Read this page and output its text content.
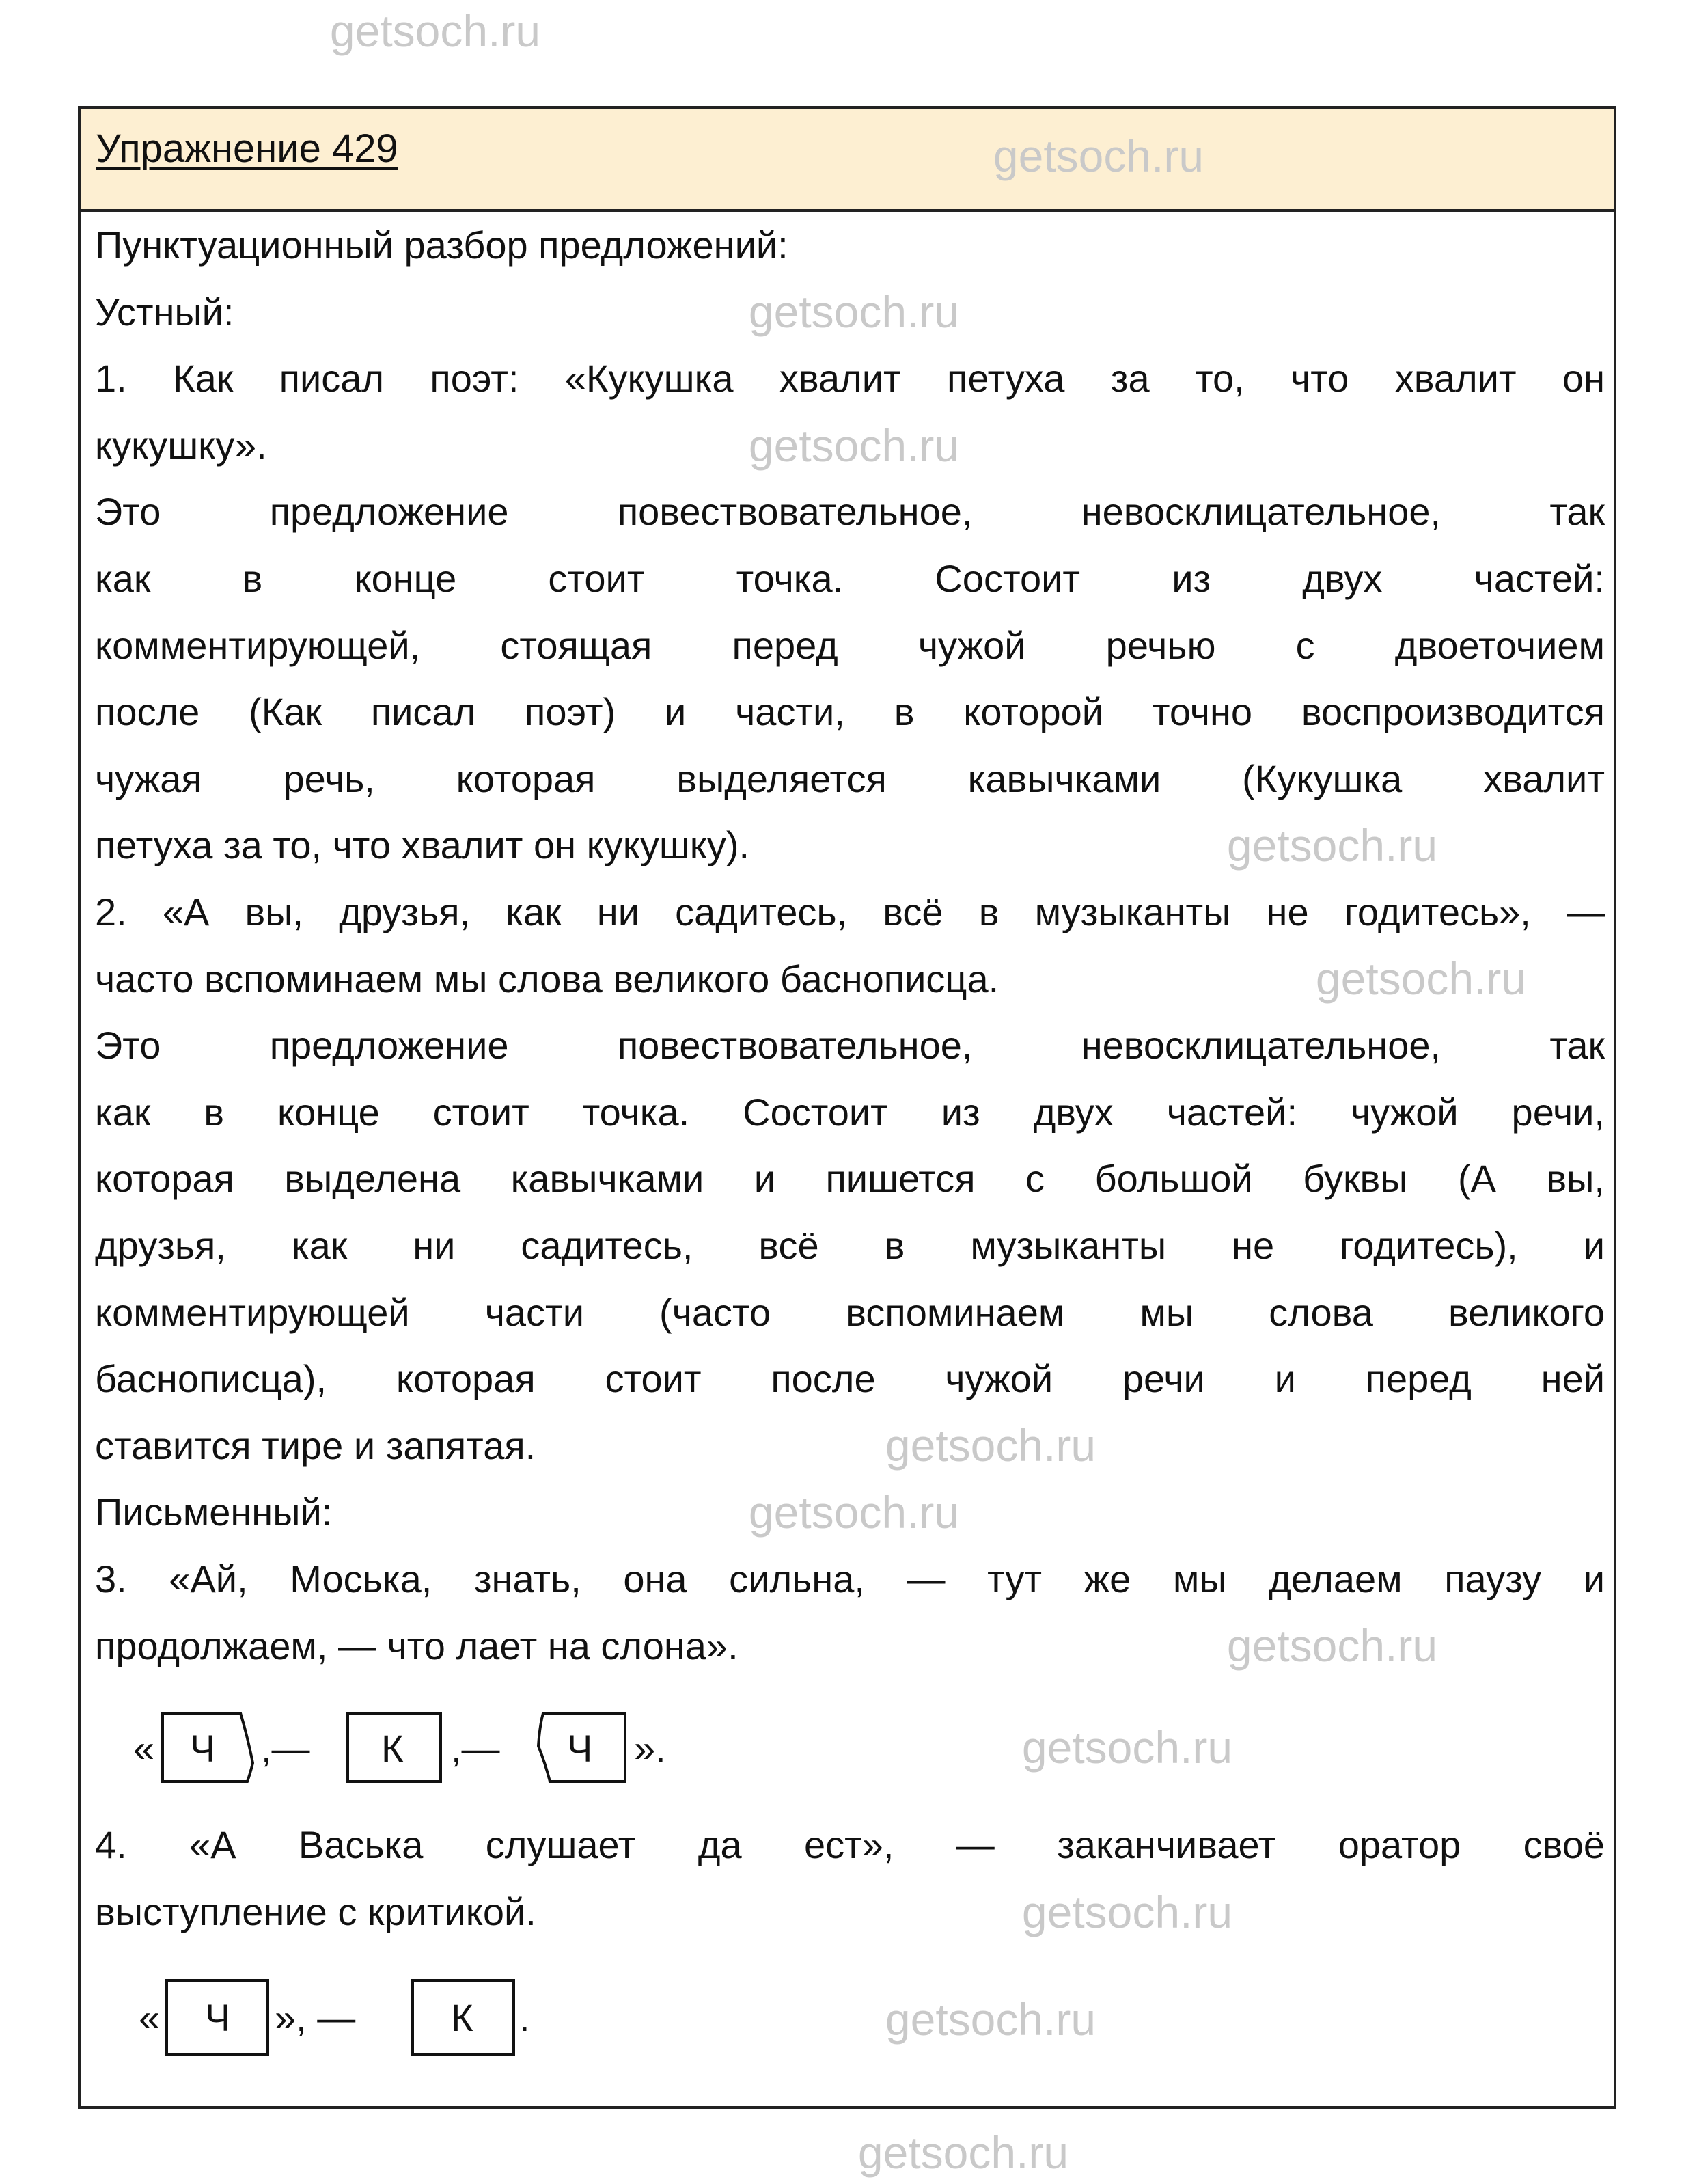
Упражнение 429
Пунктуационный разбор предложений:
Устный:
1. Как писал поэт: «Кукушка хвалит петуха за то, что хвалит он
кукушку».
Это предложение повествовательное, невосклицательное, так
как в конце стоит точка. Состоит из двух частей:
комментирующей, стоящая перед чужой речью с двоеточием
после (Как писал поэт) и части, в которой точно воспроизводится
чужая речь, которая выделяется кавычками (Кукушка хвалит
петуха за то, что хвалит он кукушку).
2. «А вы, друзья, как ни садитесь, всё в музыканты не годитесь», —
часто вспоминаем мы слова великого баснописца.
Это предложение повествовательное, невосклицательное, так
как в конце стоит точка. Состоит из двух частей: чужой речи,
которая выделена кавычками и пишется с большой буквы (А вы,
друзья, как ни садитесь, всё в музыканты не годитесь), и
комментирующей части (часто вспоминаем мы слова великого
баснописца), которая стоит после чужой речи и перед ней
ставится тире и запятая.
Письменный:
3. «Ай, Моська, знать, она сильна, — тут же мы делаем паузу и
продолжаем, — что лает на слона».
4. «А Васька слушает да ест», — заканчивает оратор своё
выступление с критикой.
« Ч ,— К ,— Ч ».
« Ч », — К .
getsoch.ru
getsoch.ru
getsoch.ru
getsoch.ru
getsoch.ru
getsoch.ru
getsoch.ru
getsoch.ru
getsoch.ru
getsoch.ru
getsoch.ru
getsoch.ru
getsoch.ru
